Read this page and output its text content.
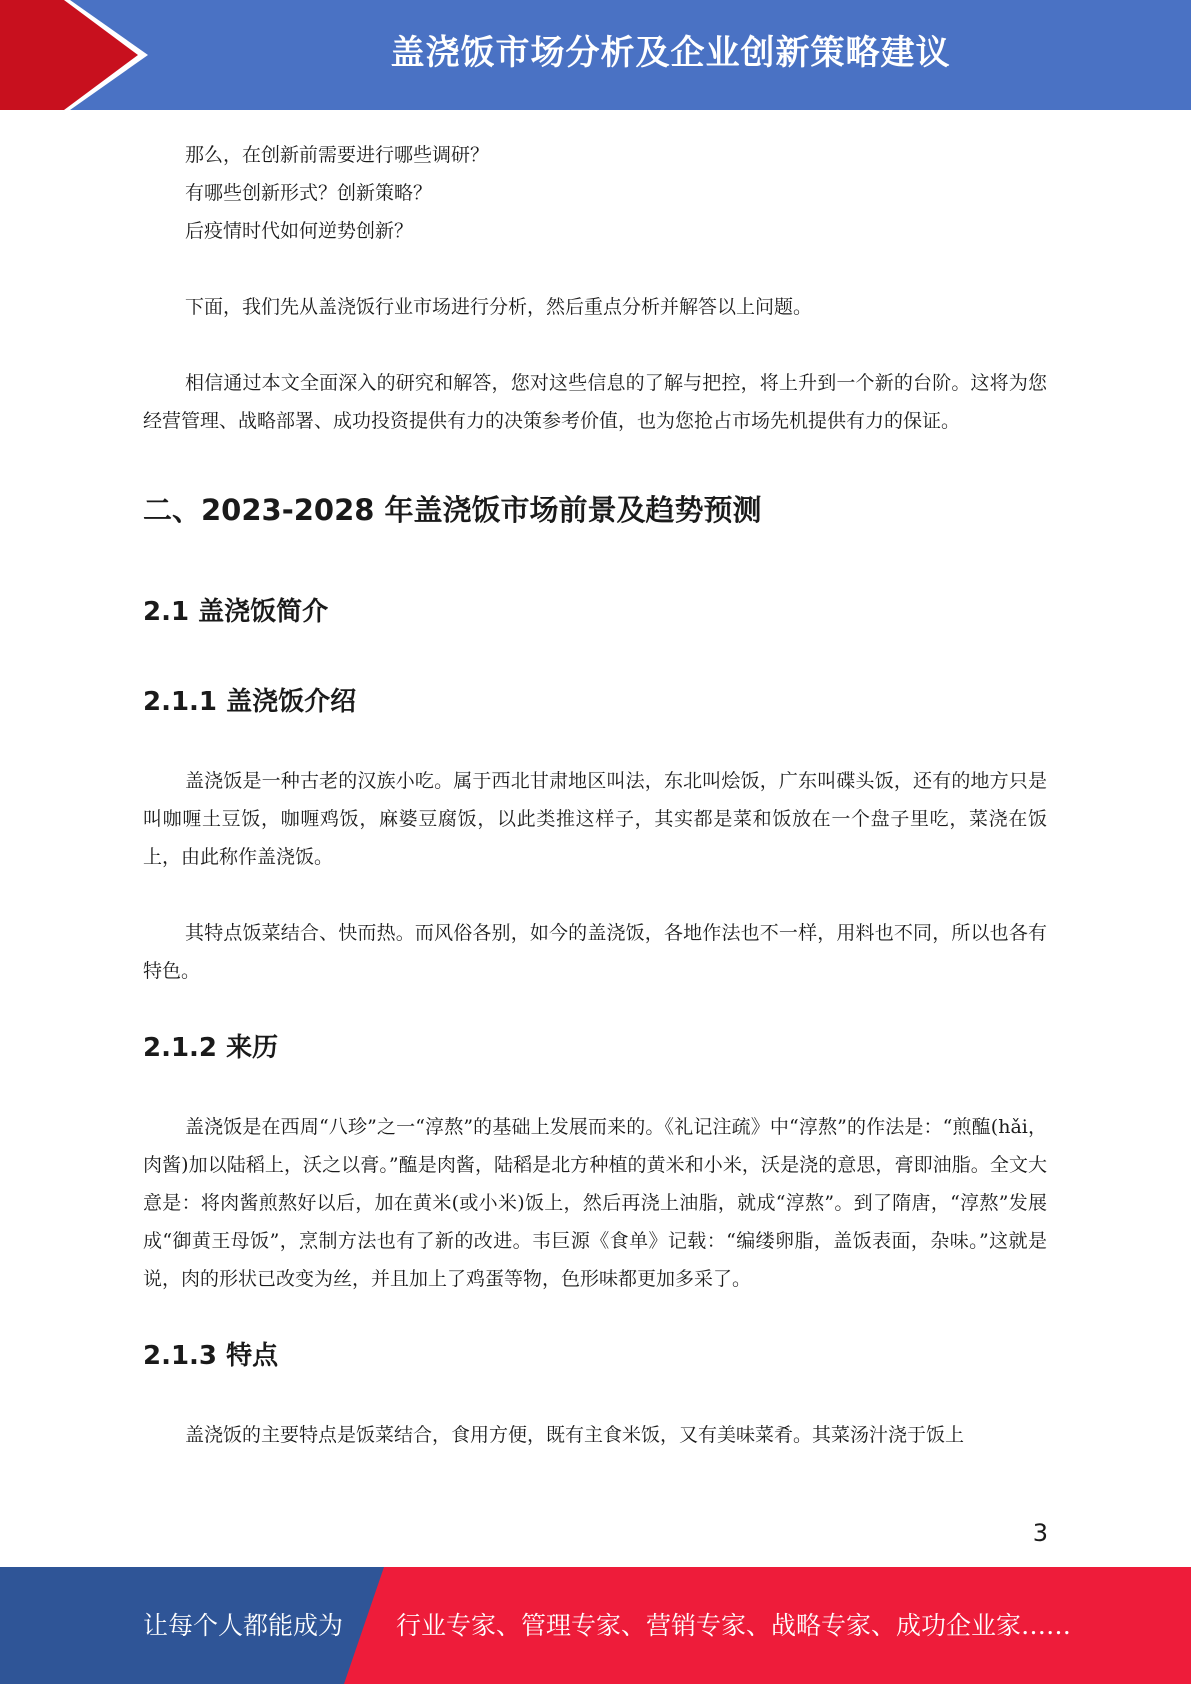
盖浇饭市场分析及企业创新策略建议

那么，在创新前需要进行哪些调研？

有哪些创新形式？创新策略？

后疫情时代如何逆势创新？

下面，我们先从盖浇饭行业市场进行分析，然后重点分析并解答以上问题。

相信通过本文全面深入的研究和解答，您对这些信息的了解与把控，将上升到一个新的台阶。这将为您经营管理、战略部署、成功投资提供有力的决策参考价值，也为您抢占市场先机提供有力的保证。

二、2023-2028 年盖浇饭市场前景及趋势预测
2.1 盖浇饭简介
2.1.1 盖浇饭介绍

盖浇饭是一种古老的汉族小吃。属于西北甘肃地区叫法，东北叫烩饭，广东叫碟头饭，还有的地方只是叫咖喱土豆饭，咖喱鸡饭，麻婆豆腐饭，以此类推这样子，其实都是菜和饭放在一个盘子里吃，菜浇在饭上，由此称作盖浇饭。

其特点饭菜结合、快而热。而风俗各别，如今的盖浇饭，各地作法也不一样，用料也不同，所以也各有特色。

2.1.2 来历

盖浇饭是在西周“八珍”之一“淳熬”的基础上发展而来的。《礼记注疏》中“淳熬”的作法是：“煎醢(hǎi，肉酱)加以陆稻上，沃之以膏。”醢是肉酱，陆稻是北方种植的黄米和小米，沃是浇的意思，膏即油脂。全文大意是：将肉酱煎熬好以后，加在黄米(或小米)饭上，然后再浇上油脂，就成“淳熬”。到了隋唐，“淳熬”发展成“御黄王母饭”，烹制方法也有了新的改进。韦巨源《食单》记载：“编缕卵脂，盖饭表面，杂味。”这就是说，肉的形状已改变为丝，并且加上了鸡蛋等物，色形味都更加多采了。

2.1.3 特点

盖浇饭的主要特点是饭菜结合，食用方便，既有主食米饭，又有美味菜肴。其菜汤汁浇于饭上

3
让每个人都能成为 行业专家、管理专家、营销专家、战略专家、成功企业家……
